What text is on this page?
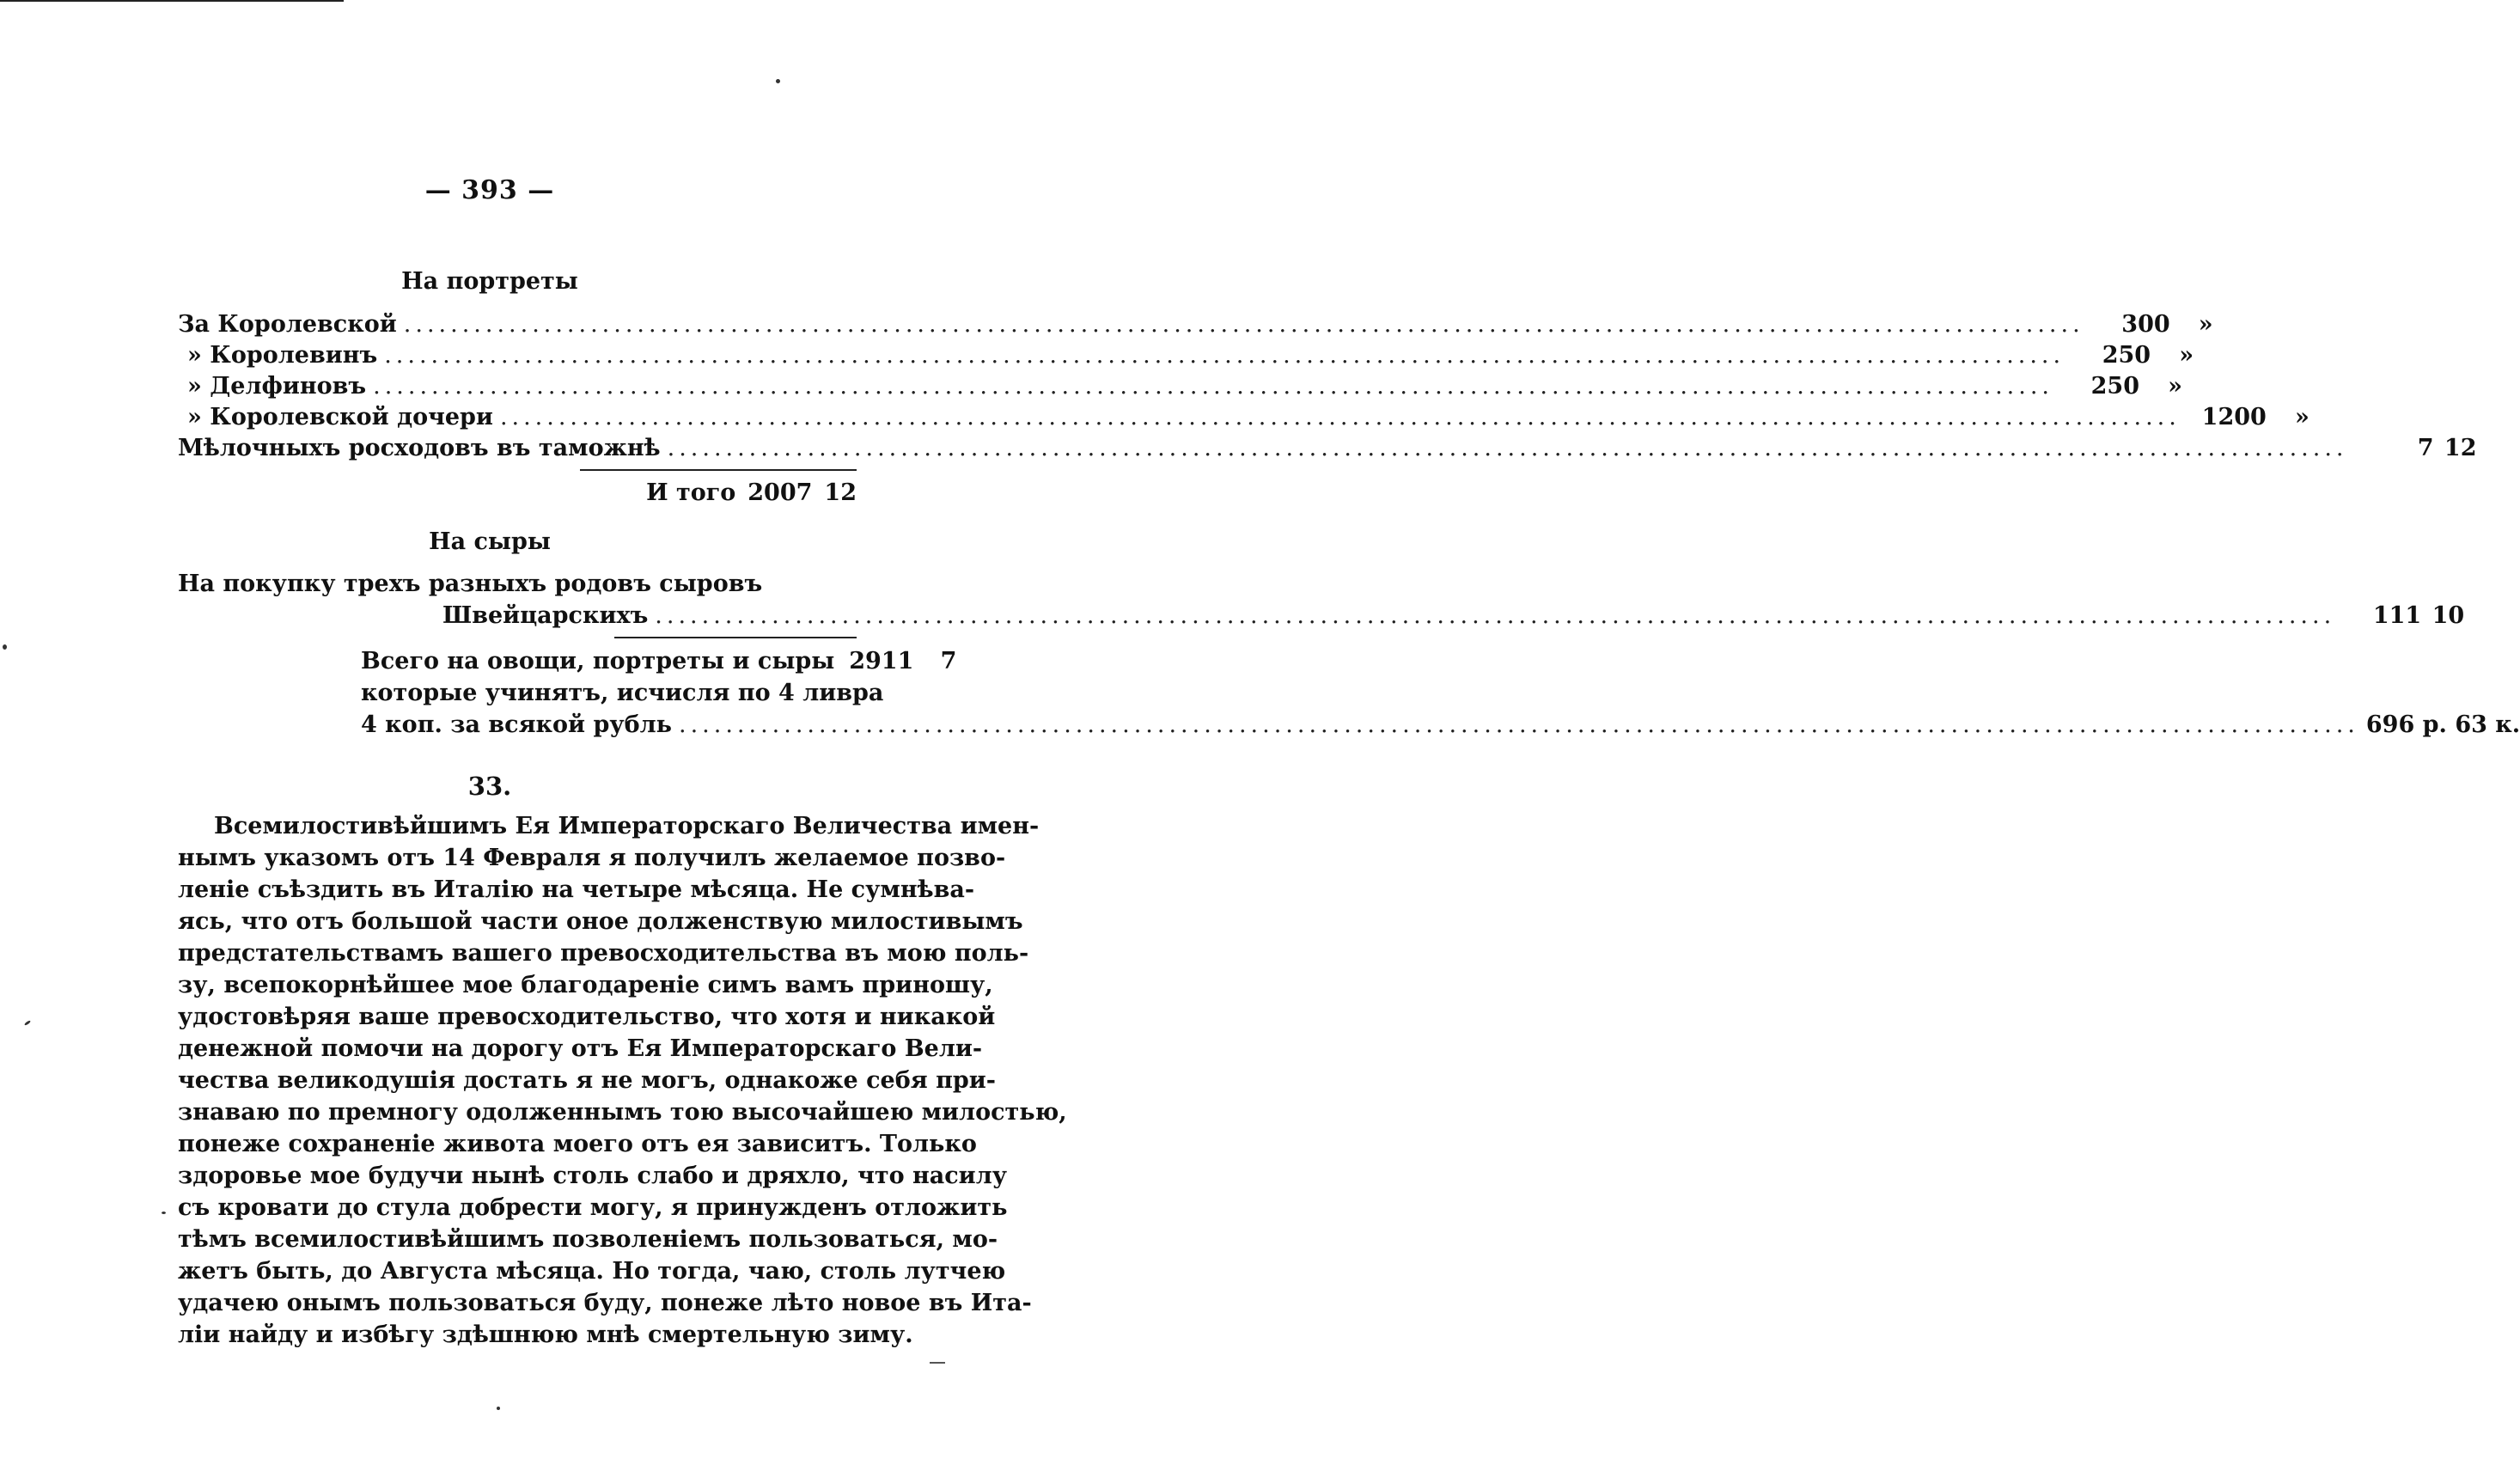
— 393 —
На портреты
За Королевской .....	300	»
» Королевинъ .....	250	»
» Делфиновъ .....	250	»
» Королевской дочери .....	1200	»
Мѣлочныхъ росходовъ въ таможнѣ .....	7 12
И того 2007 12
На сыры
На покупку трехъ разныхъ родовъ сыровъ
Швейцарскихъ .....	111 10
Всего на овощи, портреты и сыры 2911	7
которые учинятъ, исчисля по 4 ливра
4 коп. за всякой рубль .....	696 р. 63 к.
33.
Всемилостивѣйшимъ Ея Императорскаго Величества имен-
нымъ указомъ отъ 14 Февраля я получилъ желаемое позво-
ленiе съѣздить въ Италiю на четыре мѣсяца. Не сумнѣва-
ясь, что отъ большой части оное долженствую милостивымъ
предстательствамъ вашего превосходительства въ мою поль-
зу, всепокорнѣйшее мое благодаренiе симъ вамъ приношу,
удостовѣряя ваше превосходительство, что хотя и никакой
денежной помочи на дорогу отъ Ея Императорскаго Вели-
чества великодушiя достать я не могъ, однакоже себя при-
знаваю по премногу одолженнымъ тою высочайшею милостью,
понеже сохраненiе живота моего отъ ея зависитъ. Только
здоровье мое будучи нынѣ столь слабо и дряхло, что насилу
съ кровати до стула добрести могу, я принужденъ отложить
тѣмъ всемилостивѣйшимъ позволенiемъ пользоваться, мо-
жетъ быть, до Августа мѣсяца. Но тогда, чаю, столь лутчею
удачею онымъ пользоваться буду, понеже лѣто новое въ Ита-
лiи найду и избѣгу здѣшнюю мнѣ смертельную зиму.
